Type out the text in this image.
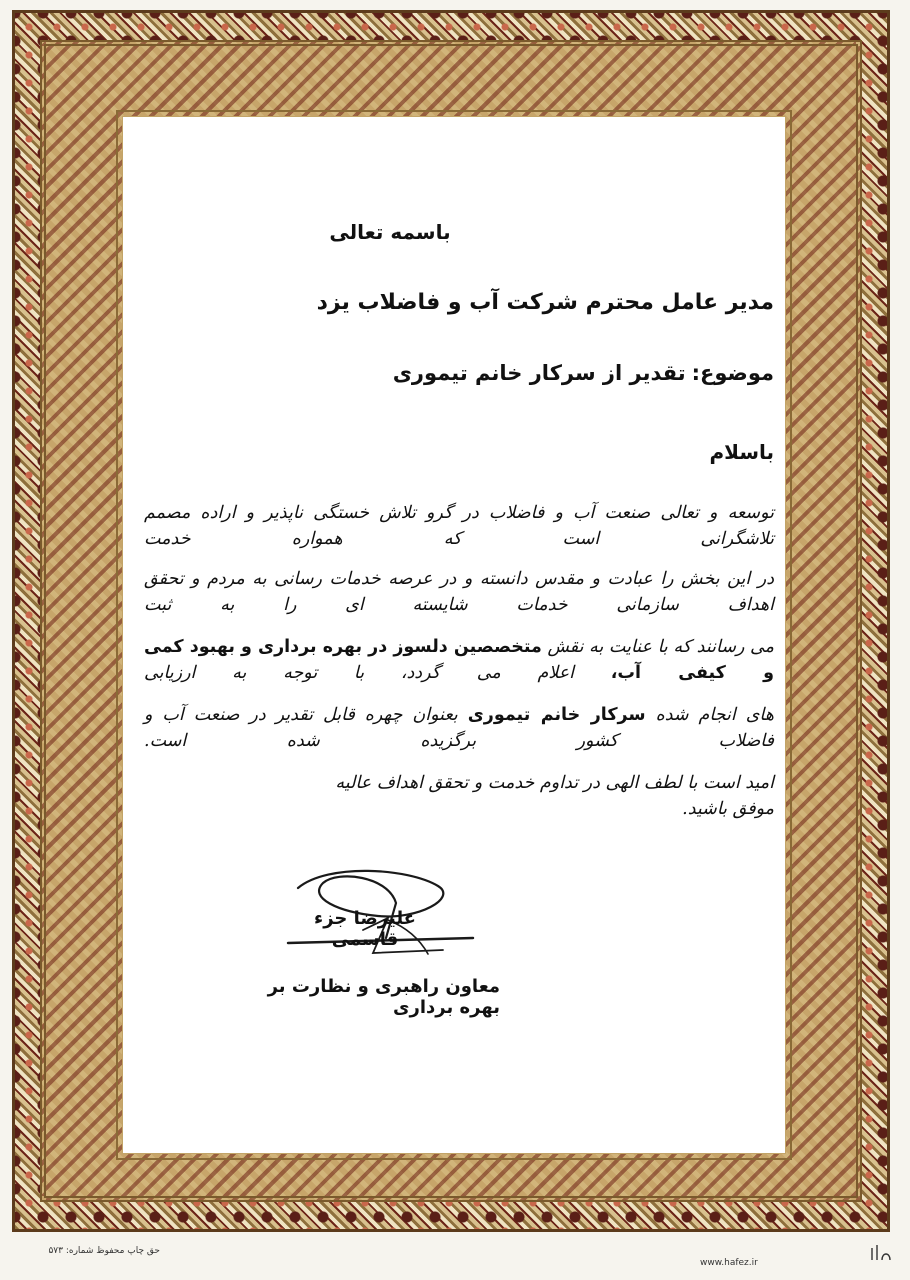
باسمه تعالی

مدیر عامل محترم شرکت آب و فاضلاب یزد

موضوع:تقدیر از سرکار خانم تیموری

باسلام

توسعه و تعالی صنعت آب و فاضلاب در گرو تلاش خستگی ناپذیر و اراده مصمم تلاشگرانی است که همواره خدمت

در این بخش را عبادت و مقدس دانسته و در عرصه خدمات رسانی به مردم و تحقق اهداف سازمانی خدمات شایسته ای را به ثبت

می رسانند که با عنایت به نقش متخصصین دلسوز در بهره برداری و بهبود کمی و کیفی آب، اعلام می گردد، با توجه به ارزیابی

های انجام شده سرکار خانم تیموری بعنوان چهره قابل تقدیر در صنعت آب و فاضلاب کشور برگزیده شده است.

امید است با لطف الهی در تداوم خدمت و تحقق اهداف عالیه موفق باشید.

علیرضا جزء قاسمی

معاون راهبری و نظارت بر بهره برداری

حق چاپ محفوظ شماره: ۵۷۳
www.hafez.ir
